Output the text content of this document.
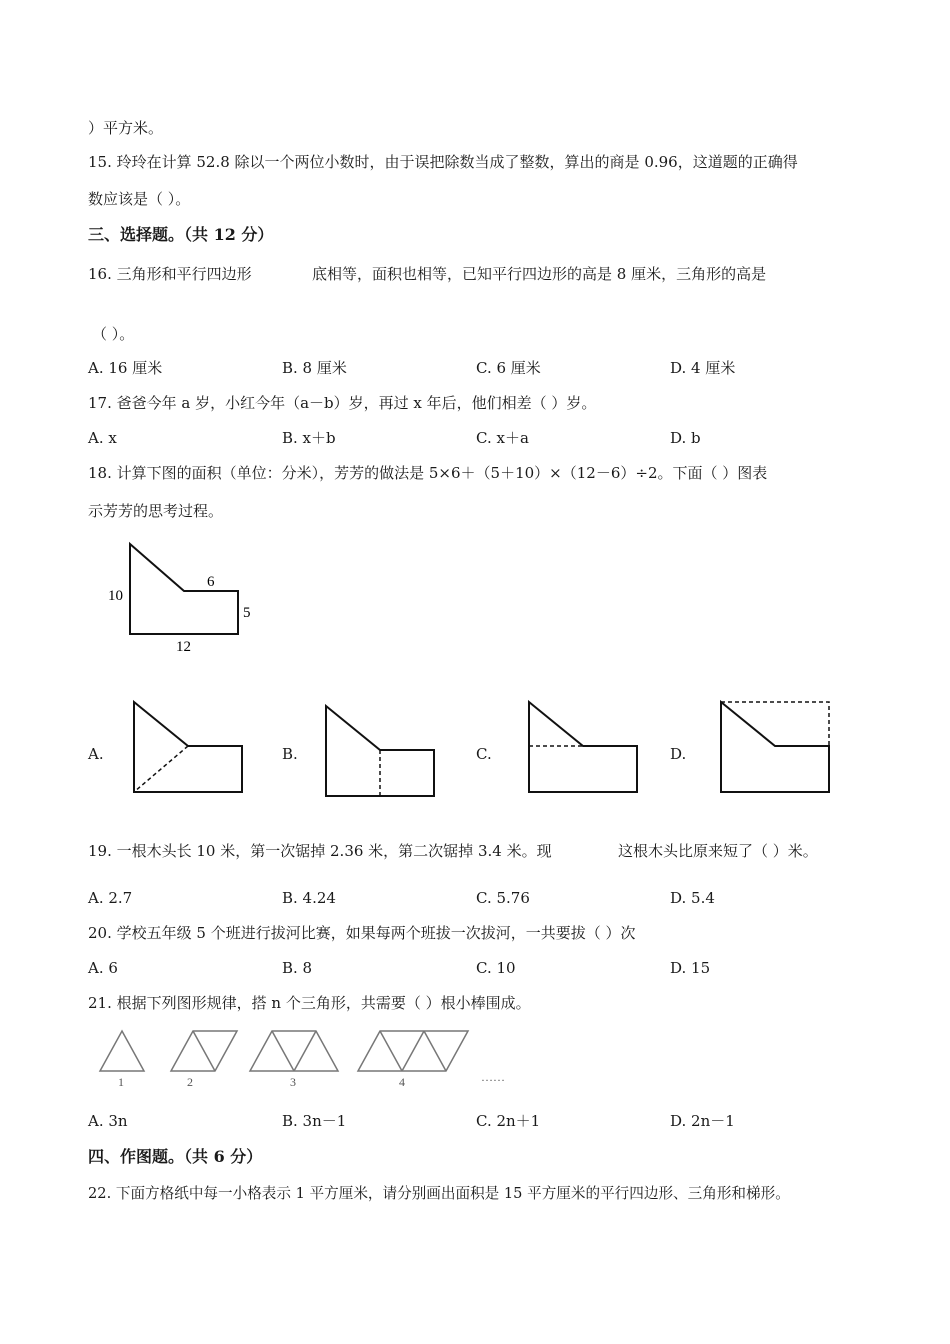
）平方米。
15. 玲玲在计算 52.8 除以一个两位小数时，由于误把除数当成了整数，算出的商是 0.96，这道题的正确得
数应该是（ ）。
三、选择题。（共 12 分）
16. 三角形和平行四边形	底相等，面积也相等，已知平行四边形的高是 8 厘米，三角形的高是
（ ）。
A. 16 厘米	B. 8 厘米	C. 6 厘米	D. 4 厘米
17. 爸爸今年 a 岁，小红今年（a－b）岁，再过 x 年后，他们相差（ ）岁。
A. x	B. x＋b	C. x＋a	D. b
18. 计算下图的面积（单位：分米），芳芳的做法是 5×6＋（5＋10）×（12－6）÷2。下面（ ）图表
示芳芳的思考过程。
10
6
5
12
A.	B.	C.	D.
19. 一根木头长 10 米，第一次锯掉 2.36 米，第二次锯掉 3.4 米。现	这根木头比原来短了（ ）米。
A. 2.7	B. 4.24	C. 5.76	D. 5.4
20. 学校五年级 5 个班进行拔河比赛，如果每两个班拔一次拔河，一共要拔（ ）次
A. 6	B. 8	C. 10	D. 15
21. 根据下列图形规律，搭 n 个三角形，共需要（ ）根小棒围成。
1	2	3	4	……
A. 3n	B. 3n－1	C. 2n＋1	D. 2n－1
四、作图题。（共 6 分）
22. 下面方格纸中每一小格表示 1 平方厘米，请分别画出面积是 15 平方厘米的平行四边形、三角形和梯形。
